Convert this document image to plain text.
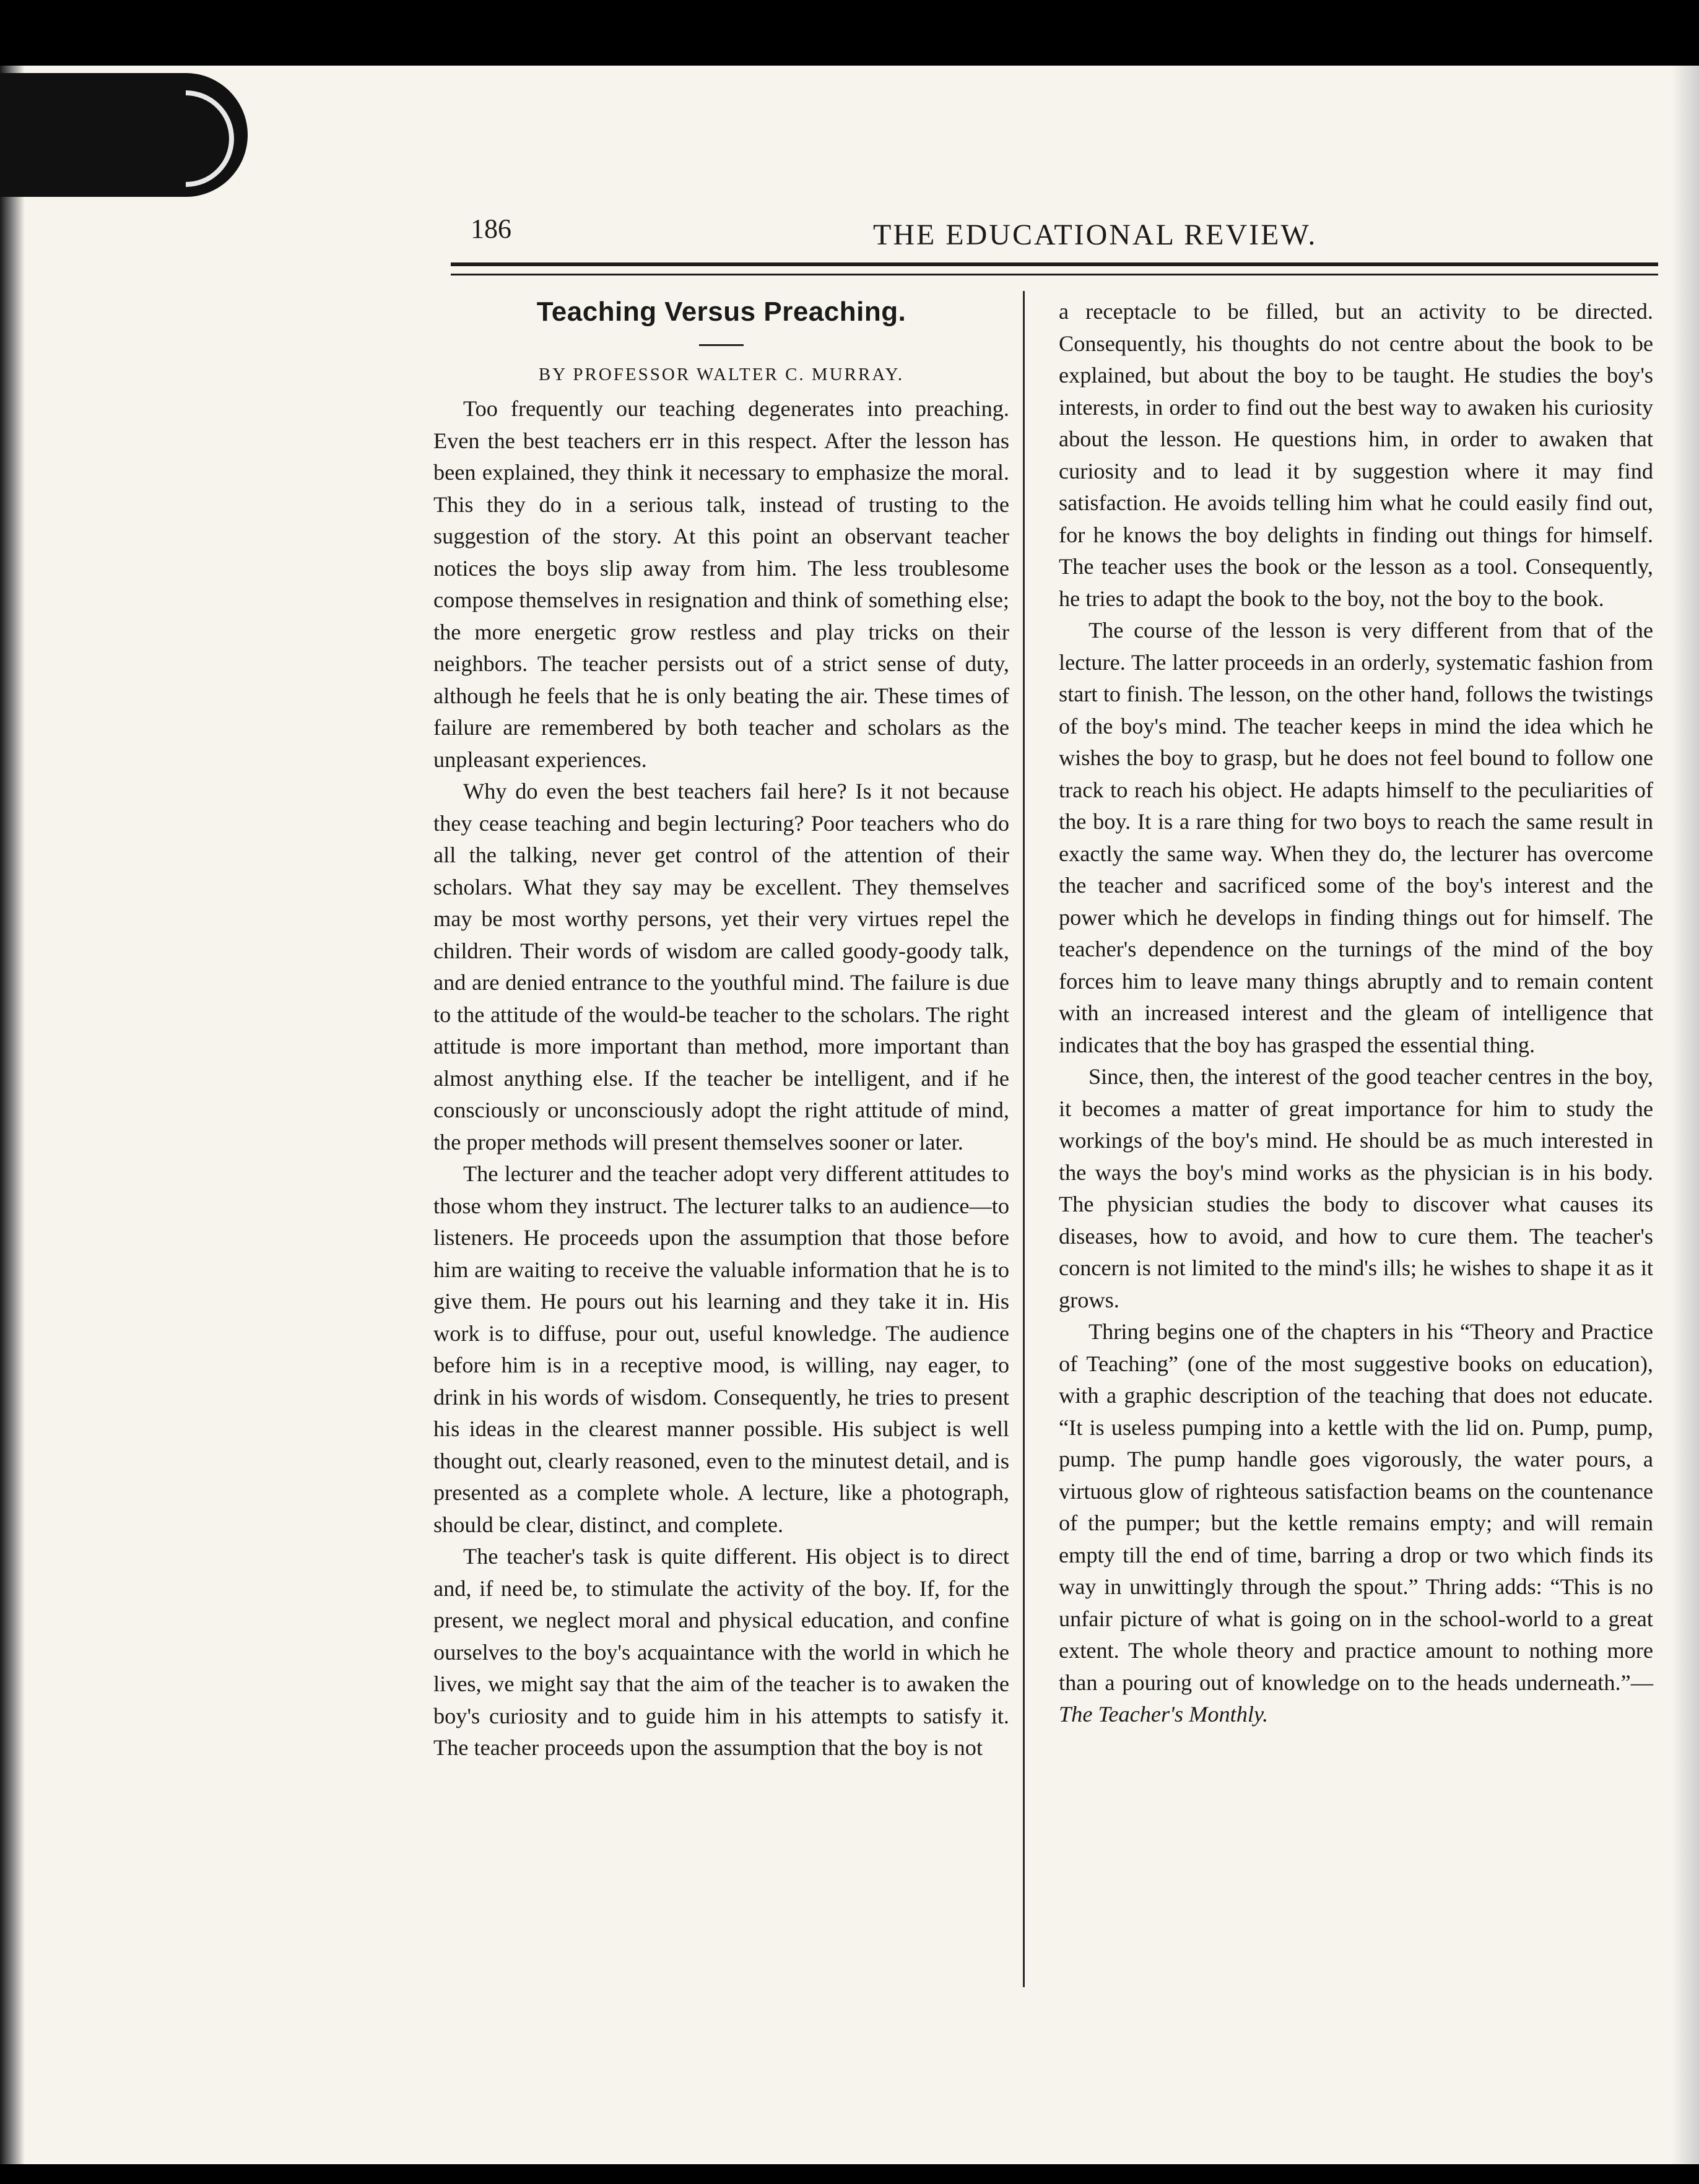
186	THE EDUCATIONAL REVIEW.
Teaching Versus Preaching.
BY PROFESSOR WALTER C. MURRAY.

Too frequently our teaching degenerates into preaching. Even the best teachers err in this respect. After the lesson has been explained, they think it necessary to emphasize the moral. This they do in a serious talk, instead of trusting to the suggestion of the story. At this point an observant teacher notices the boys slip away from him. The less troublesome compose themselves in resignation and think of something else; the more energetic grow restless and play tricks on their neighbors. The teacher persists out of a strict sense of duty, although he feels that he is only beating the air. These times of failure are remembered by both teacher and scholars as the unpleasant experiences.

Why do even the best teachers fail here? Is it not because they cease teaching and begin lecturing? Poor teachers who do all the talking, never get control of the attention of their scholars. What they say may be excellent. They themselves may be most worthy persons, yet their very virtues repel the children. Their words of wisdom are called goody-goody talk, and are denied entrance to the youthful mind. The failure is due to the attitude of the would-be teacher to the scholars. The right attitude is more important than method, more important than almost anything else. If the teacher be intelligent, and if he consciously or unconsciously adopt the right attitude of mind, the proper methods will present themselves sooner or later.

The lecturer and the teacher adopt very different attitudes to those whom they instruct. The lecturer talks to an audience—to listeners. He proceeds upon the assumption that those before him are waiting to receive the valuable information that he is to give them. He pours out his learning and they take it in. His work is to diffuse, pour out, useful knowledge. The audience before him is in a receptive mood, is willing, nay eager, to drink in his words of wisdom. Consequently, he tries to present his ideas in the clearest manner possible. His subject is well thought out, clearly reasoned, even to the minutest detail, and is presented as a complete whole. A lecture, like a photograph, should be clear, distinct, and complete.

The teacher's task is quite different. His object is to direct and, if need be, to stimulate the activity of the boy. If, for the present, we neglect moral and physical education, and confine ourselves to the boy's acquaintance with the world in which he lives, we might say that the aim of the teacher is to awaken the boy's curiosity and to guide him in his attempts to satisfy it. The teacher proceeds upon the assumption that the boy is not

a receptacle to be filled, but an activity to be directed. Consequently, his thoughts do not centre about the book to be explained, but about the boy to be taught. He studies the boy's interests, in order to find out the best way to awaken his curiosity about the lesson. He questions him, in order to awaken that curiosity and to lead it by suggestion where it may find satisfaction. He avoids telling him what he could easily find out, for he knows the boy delights in finding out things for himself. The teacher uses the book or the lesson as a tool. Consequently, he tries to adapt the book to the boy, not the boy to the book.

The course of the lesson is very different from that of the lecture. The latter proceeds in an orderly, systematic fashion from start to finish. The lesson, on the other hand, follows the twistings of the boy's mind. The teacher keeps in mind the idea which he wishes the boy to grasp, but he does not feel bound to follow one track to reach his object. He adapts himself to the peculiarities of the boy. It is a rare thing for two boys to reach the same result in exactly the same way. When they do, the lecturer has overcome the teacher and sacrificed some of the boy's interest and the power which he develops in finding things out for himself. The teacher's dependence on the turnings of the mind of the boy forces him to leave many things abruptly and to remain content with an increased interest and the gleam of intelligence that indicates that the boy has grasped the essential thing.

Since, then, the interest of the good teacher centres in the boy, it becomes a matter of great importance for him to study the workings of the boy's mind. He should be as much interested in the ways the boy's mind works as the physician is in his body. The physician studies the body to discover what causes its diseases, how to avoid, and how to cure them. The teacher's concern is not limited to the mind's ills; he wishes to shape it as it grows.

Thring begins one of the chapters in his “Theory and Practice of Teaching” (one of the most suggestive books on education), with a graphic description of the teaching that does not educate. “It is useless pumping into a kettle with the lid on. Pump, pump, pump. The pump handle goes vigorously, the water pours, a virtuous glow of righteous satisfaction beams on the countenance of the pumper; but the kettle remains empty; and will remain empty till the end of time, barring a drop or two which finds its way in unwittingly through the spout.” Thring adds: “This is no unfair picture of what is going on in the school-world to a great extent. The whole theory and practice amount to nothing more than a pouring out of knowledge on to the heads underneath.”—The Teacher's Monthly.
